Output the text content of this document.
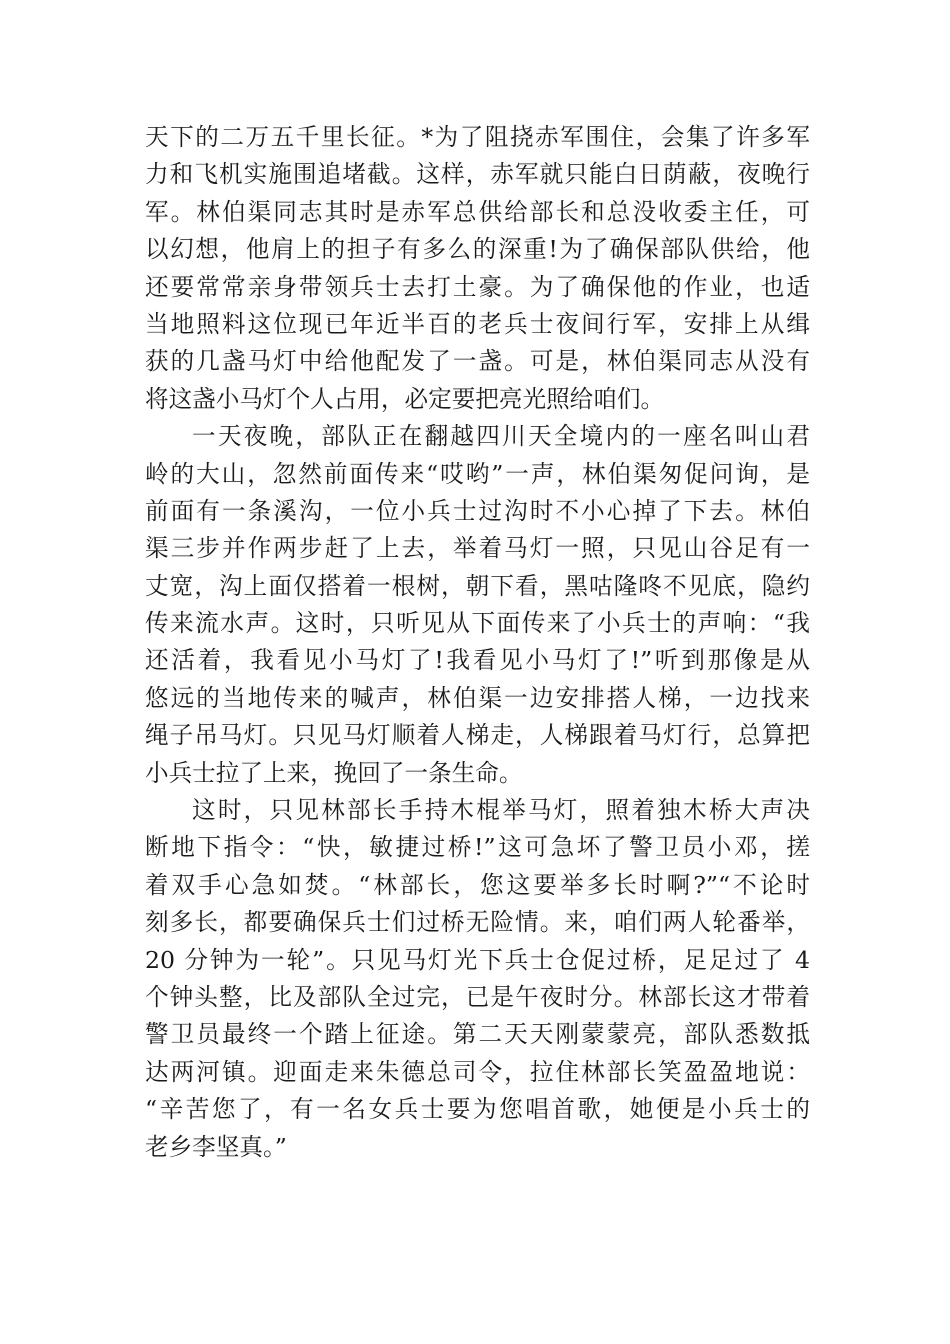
天下的二万五千里长征。*为了阻挠赤军围住，会集了许多军
力和飞机实施围追堵截。这样，赤军就只能白日荫蔽，夜晚行
军。林伯渠同志其时是赤军总供给部长和总没收委主任，可
以幻想，他肩上的担子有多么的深重!为了确保部队供给，他
还要常常亲身带领兵士去打土豪。为了确保他的作业，也适
当地照料这位现已年近半百的老兵士夜间行军，安排上从缉
获的几盏马灯中给他配发了一盏。可是，林伯渠同志从没有
将这盏小马灯个人占用，必定要把亮光照给咱们。
一天夜晚，部队正在翻越四川天全境内的一座名叫山君
岭的大山，忽然前面传来“哎哟”一声，林伯渠匆促问询，是
前面有一条溪沟，一位小兵士过沟时不小心掉了下去。林伯
渠三步并作两步赶了上去，举着马灯一照，只见山谷足有一
丈宽，沟上面仅搭着一根树，朝下看，黑咕隆咚不见底，隐约
传来流水声。这时，只听见从下面传来了小兵士的声响：“我
还活着，我看见小马灯了!我看见小马灯了!”听到那像是从
悠远的当地传来的喊声，林伯渠一边安排搭人梯，一边找来
绳子吊马灯。只见马灯顺着人梯走，人梯跟着马灯行，总算把
小兵士拉了上来，挽回了一条生命。
这时，只见林部长手持木棍举马灯，照着独木桥大声决
断地下指令：“快，敏捷过桥!”这可急坏了警卫员小邓，搓
着双手心急如焚。“林部长，您这要举多长时啊?”“不论时
刻多长，都要确保兵士们过桥无险情。来，咱们两人轮番举，
20 分钟为一轮”。只见马灯光下兵士仓促过桥，足足过了 4
个钟头整，比及部队全过完，已是午夜时分。林部长这才带着
警卫员最终一个踏上征途。第二天天刚蒙蒙亮，部队悉数抵
达两河镇。迎面走来朱德总司令，拉住林部长笑盈盈地说：
“辛苦您了，有一名女兵士要为您唱首歌，她便是小兵士的
老乡李坚真。”
